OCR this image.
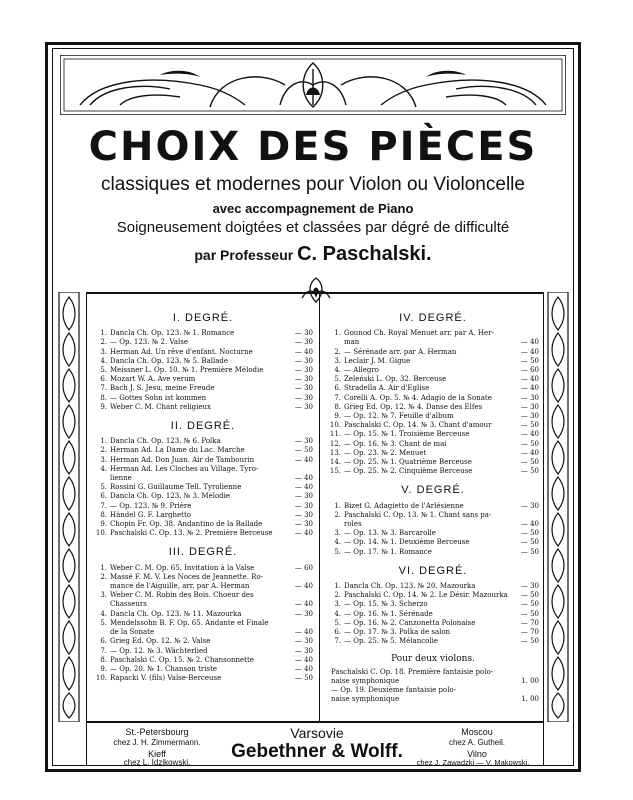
CHOIX DES PIÈCES
classiques et modernes pour Violon ou Violoncelle
avec accompagnement de Piano
Soigneusement doigtées et classées par dégré de difficulté
par Professeur C. Paschalski.
I. DEGRÉ.
1. Dancla Ch. Op. 123. № 1. Romance	— 30
2. — Op. 123. № 2. Valse	— 30
3. Herman Ad. Un rêve d'enfant. Nocturne	— 40
4. Dancla Ch. Op. 123. № 5. Ballade	— 30
5. Meissner L. Op. 10. № 1. Première Mélodie	— 30
6. Mozart W. A. Ave verum	— 30
7. Bach J. S. Jesu, meine Freude	— 30
8. — Gottes Sohn ist kommen	— 30
9. Weber C. M. Chant religieux	— 30
II. DEGRÉ.
1. Dancla Ch. Op. 123. № 6. Polka	— 30
2. Herman Ad. La Dame du Lac. Marche	— 50
3. Herman Ad. Don Juan. Air de Tambourin	— 40
4. Herman Ad. Les Cloches au Village. Tyro-
lienne	— 40
5. Rossini G. Guillaume Tell. Tyrolienne	— 40
6. Dancla Ch. Op. 123. № 3. Mélodie	— 30
7. — Op. 123. № 9. Prière	— 30
8. Händel G. F. Larghetto	— 30
9. Chopin Fr. Op. 38. Andantino de la Ballade	— 30
10. Paschalski C. Op. 13. № 2. Première Berceuse	— 40
III. DEGRÉ.
1. Weber C. M. Op. 65. Invitation à la Valse	— 60
2. Massé F. M. V. Les Noces de Jeannette. Ro-
mance de l'Aiguille, arr. par A. Herman	— 40
3. Weber C. M. Robin des Bois. Choeur des
Chasseurs	— 40
4. Dancla Ch. Op. 123. № 11. Mazourka	— 30
5. Mendelssohn B. F. Op. 65. Andante et Finale
de la Sonate	— 40
6. Grieg Ed. Op. 12. № 2. Valse	— 30
7. — Op. 12. № 3. Wächterlied	— 30
8. Paschalski C. Op. 15. № 2. Chansonnette	— 40
9. — Op. 20. № 1. Chanson triste	— 40
10. Rapacki V. (fils) Valse-Berceuse	— 50
IV. DEGRÉ.
1. Gounod Ch. Royal Menuet arr. par A. Her-
man	— 40
2. — Sérénade arr. par A. Herman	— 40
3. Leclair J. M. Gigue	— 50
4. — Allegro	— 60
5. Żeleński L. Op. 32. Berceuse	— 40
6. Stradella A. Air d'Eglise	— 40
7. Corelli A. Op. 5. № 4. Adagio de la Sonate	— 30
8. Grieg Ed. Op. 12. № 4. Danse des Elfes	— 30
9. — Op. 12. № 7. Feuille d'album	— 30
10. Paschalski C. Op. 14. № 3. Chant d'amour	— 50
11. — Op. 15. № 1. Troisième Berceuse	— 40
12. — Op. 16. № 3. Chant de mai	— 50
13. — Op. 23. № 2. Menuet	— 40
14. — Op. 25. № 1. Quatrième Berceuse	— 50
15. — Op. 25. № 2. Cinquième Berceuse	— 50
V. DEGRÉ.
1. Bizet G. Adagietto de l'Arlésienne	— 30
2. Paschalski C. Op. 13. № 1. Chant sans pa-
roles	— 40
3. — Op. 13. № 3. Barcarolle	— 50
4. — Op. 14. № 1. Deuxième Berceuse	— 50
5. — Op. 17. № 1. Romance	— 50
VI. DEGRÉ.
1. Dancla Ch. Op. 123. № 20. Mazourka	— 30
2. Paschalski C. Op. 14. № 2. Le Désir. Mazourka	— 50
3. — Op. 15. № 3. Scherzo	— 50
4. — Op. 16. № 1. Sérénade	— 50
5. — Op. 16. № 2. Canzonetta Polonaise	— 70
6. — Op. 17. № 3. Polka de salon	— 70
7. — Op. 25. № 5. Mélancolie	— 50
Pour deux violons.
Paschalski C. Op. 18. Première fantaisie polo-
naise symphonique	1. 00
— Op. 19. Deuxième fantaisie polo-
naise symphonique	1. 00
St.-Petersbourg
chez J. H. Zimmermann.
Kieff
chez L. Idzikowski.
Varsovie
Gebethner & Wolff.
Moscou
chez A. Gutheil.
Vilno
chez J. Zawadzki — V. Makowski.
